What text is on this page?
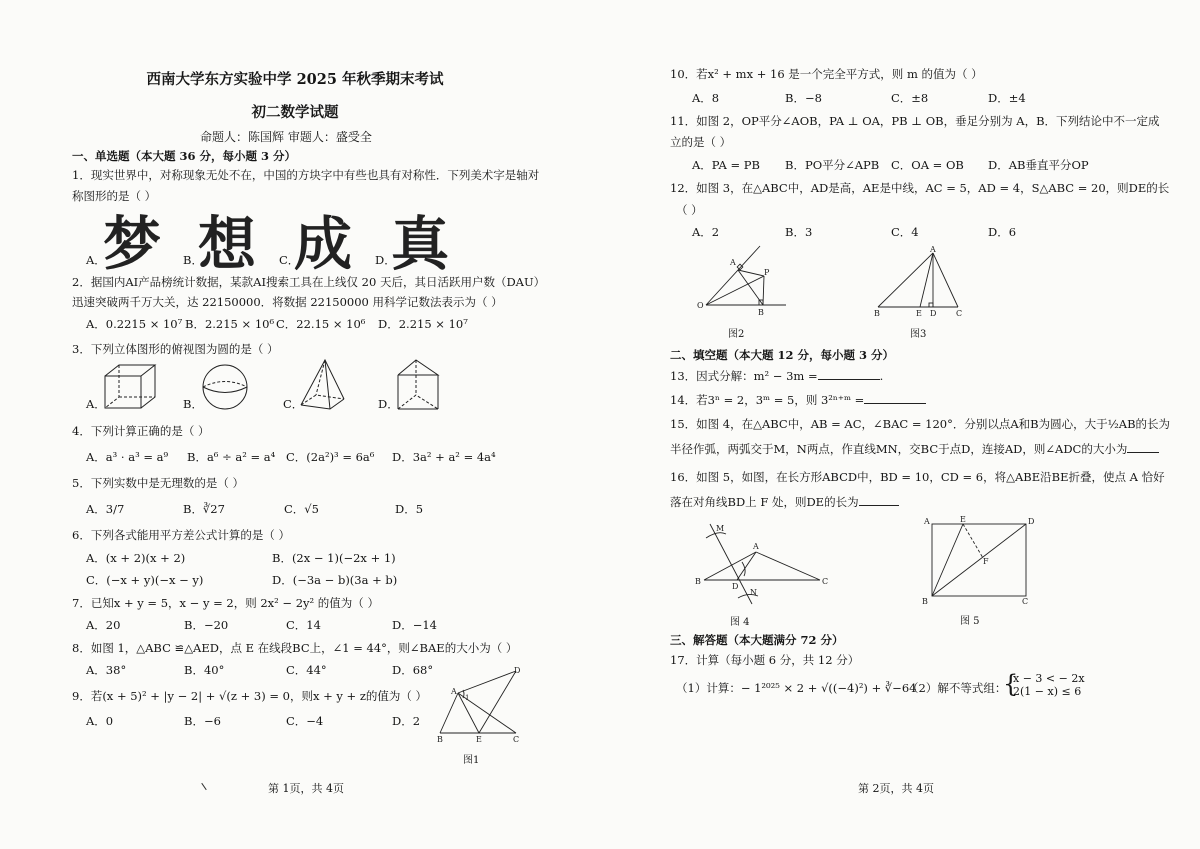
西南大学东方实验中学 2025 年秋季期末考试
初二数学试题
命题人：陈国辉 审题人：盛受全
一、单选题（本大题 36 分，每小题 3 分）
1．现实世界中，对称现象无处不在，中国的方块字中有些也具有对称性．下列美术字是轴对
称图形的是（ ）
梦 想 成 真
A．	B．	C．	D．
2．据国内AI产品榜统计数据，某款AI搜索工具在上线仅 20 天后，其日活跃用户数（DAU）
迅速突破两千万大关，达 22150000．将数据 22150000 用科学记数法表示为（ ）
A．0.2215 × 10⁷ B．2.215 × 10⁶ C．22.15 × 10⁶ D．2.215 × 10⁷
3．下列立体图形的俯视图为圆的是（ ）
A．	B．	C．	D．
4．下列计算正确的是（ ）
A．a³ · a³ = a⁹ B．a⁶ ÷ a² = a⁴ C．(2a²)³ = 6a⁶ D．3a² + a² = 4a⁴
5．下列实数中是无理数的是（ ）
A．3/7	B．∛27	C．√5	D．5
6．下列各式能用平方差公式计算的是（ ）
A．(x + 2)(x + 2)	B．(2x − 1)(−2x + 1)
C．(−x + y)(−x − y)	D．(−3a − b)(3a + b)
7．已知x + y = 5，x − y = 2，则 2x² − 2y² 的值为（ ）
A．20	B．−20	C．14	D．−14
8．如图 1，△ABC ≌△AED，点 E 在线段BC上，∠1 = 44°，则∠BAE的大小为（ ）
A．38°	B．40°	C．44°	D．68°
9．若(x + 5)² + |y − 2| + √(z + 3) = 0，则x + y + z的值为（ ）
A．0	B．−6	C．−4	D．2
A
B	E	C
D
1
图1
第 1页，共 4页
10．若x² + mx + 16 是一个完全平方式，则 m 的值为（ ）
A．8	B．−8	C．±8	D．±4
11．如图 2，OP平分∠AOB，PA ⊥ OA，PB ⊥ OB，垂足分别为 A，B．下列结论中不一定成
立的是（ ）
A．PA = PB B．PO平分∠APB C．OA = OB D．AB垂直平分OP
12．如图 3，在△ABC中，AD是高，AE是中线，AC = 5，AD = 4，S△ABC = 20，则DE的长
（ ）
A．2	B．3	C．4	D．6
A
P
O
B
图2
A
B	E D C
图3
二、填空题（本大题 12 分，每小题 3 分）
13．因式分解：m² − 3m =	.
14．若3ⁿ = 2，3ᵐ = 5，则 3²ⁿ⁺ᵐ =
15．如图 4，在△ABC中，AB = AC，∠BAC = 120°．分别以点A和B为圆心，大于½AB的长为
半径作弧，两弧交于M，N两点，作直线MN，交BC于点D，连接AD，则∠ADC的大小为
16．如图 5，如图，在长方形ABCD中，BD = 10，CD = 6，将△ABE沿BE折叠，使点 A 恰好
落在对角线BD上 F 处，则DE的长为
M
A
B
D
N
C
图 4
A	E	D
F
B	C
图 5
三、解答题（本大题满分 72 分）
17．计算（每小题 6 分，共 12 分）
（1）计算：− 1²⁰²⁵ × 2 + √((−4)²) + ∛−64
（2）解不等式组：
{
x − 3 < − 2x
2(1 − x) ≤ 6
第 2页，共 4页
